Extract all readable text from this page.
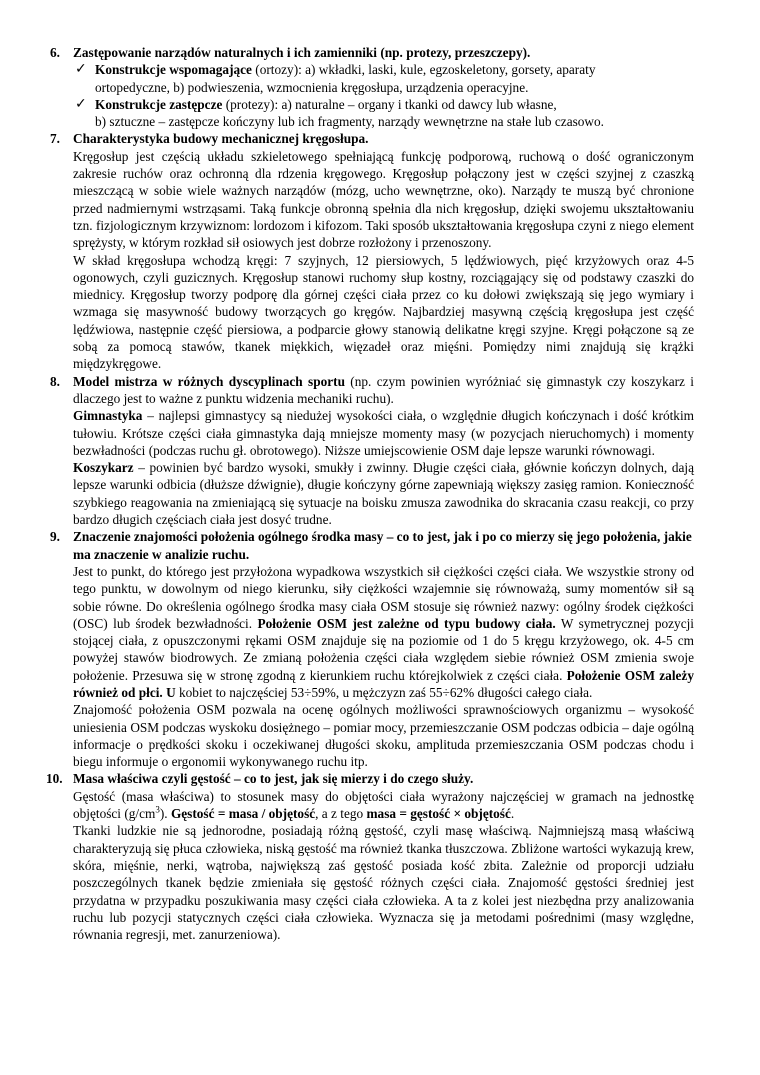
6. Zastępowanie narządów naturalnych i ich zamienniki (np. protezy, przeszczepy).

✓ Konstrukcje wspomagające (ortozy): a) wkładki, laski, kule, egzoskeletony, gorsety, aparaty

ortopedyczne, b) podwieszenia, wzmocnienia kręgosłupa, urządzenia operacyjne.

✓ Konstrukcje zastępcze (protezy): a) naturalne – organy i tkanki od dawcy lub własne,

b) sztuczne – zastępcze kończyny lub ich fragmenty, narządy wewnętrzne na stałe lub czasowo.

7. Charakterystyka budowy mechanicznej kręgosłupa.

Kręgosłup jest częścią układu szkieletowego spełniającą funkcję podporową, ruchową o dość ograniczonym zakresie ruchów oraz ochronną dla rdzenia kręgowego. Kręgosłup połączony jest w części szyjnej z czaszką mieszczącą w sobie wiele ważnych narządów (mózg, ucho wewnętrzne, oko). Narządy te muszą być chronione przed nadmiernymi wstrząsami. Taką funkcje obronną spełnia dla nich kręgosłup, dzięki swojemu ukształtowaniu tzn. fizjologicznym krzywiznom: lordozom i kifozom. Taki sposób ukształtowania kręgosłupa czyni z niego element sprężysty, w którym rozkład sił osiowych jest dobrze rozłożony i przenoszony.

W skład kręgosłupa wchodzą kręgi: 7 szyjnych, 12 piersiowych, 5 lędźwiowych, pięć krzyżowych oraz 4-5 ogonowych, czyli guzicznych. Kręgosłup stanowi ruchomy słup kostny, rozciągający się od podstawy czaszki do miednicy. Kręgosłup tworzy podporę dla górnej części ciała przez co ku dołowi zwiększają się jego wymiary i wzmaga się masywność budowy tworzących go kręgów. Najbardziej masywną częścią kręgosłupa jest część lędźwiowa, następnie część piersiowa, a podparcie głowy stanowią delikatne kręgi szyjne. Kręgi połączone są ze sobą za pomocą stawów, tkanek miękkich, więzadeł oraz mięśni. Pomiędzy nimi znajdują się krążki międzykręgowe.

8. Model mistrza w różnych dyscyplinach sportu (np. czym powinien wyróżniać się gimnastyk czy koszykarz i dlaczego jest to ważne z punktu widzenia mechaniki ruchu).

Gimnastyka – najlepsi gimnastycy są niedużej wysokości ciała, o względnie długich kończynach i dość krótkim tułowiu. Krótsze części ciała gimnastyka dają mniejsze momenty masy (w pozycjach nieruchomych) i momenty bezwładności (podczas ruchu gł. obrotowego). Niższe umiejscowienie OSM daje lepsze warunki równowagi.

Koszykarz – powinien być bardzo wysoki, smukły i zwinny. Długie części ciała, głównie kończyn dolnych, dają lepsze warunki odbicia (dłuższe dźwignie), długie kończyny górne zapewniają większy zasięg ramion. Konieczność szybkiego reagowania na zmieniającą się sytuacje na boisku zmusza zawodnika do skracania czasu reakcji, co przy bardzo długich częściach ciała jest dosyć trudne.

9. Znaczenie znajomości położenia ogólnego środka masy – co to jest, jak i po co mierzy się jego położenia, jakie ma znaczenie w analizie ruchu.

Jest to punkt, do którego jest przyłożona wypadkowa wszystkich sił ciężkości części ciała. We wszystkie strony od tego punktu, w dowolnym od niego kierunku, siły ciężkości wzajemnie się równoważą, sumy momentów sił są sobie równe. Do określenia ogólnego środka masy ciała OSM stosuje się również nazwy: ogólny środek ciężkości (OSC) lub środek bezwładności. Położenie OSM jest zależne od typu budowy ciała. W symetrycznej pozycji stojącej ciała, z opuszczonymi rękami OSM znajduje się na poziomie od 1 do 5 kręgu krzyżowego, ok. 4-5 cm powyżej stawów biodrowych. Ze zmianą położenia części ciała względem siebie również OSM zmienia swoje położenie. Przesuwa się w stronę zgodną z kierunkiem ruchu którejkolwiek z części ciała. Położenie OSM zależy również od płci. U kobiet to najczęściej 53÷59%, u mężczyzn zaś 55÷62% długości całego ciała.

Znajomość położenia OSM pozwala na ocenę ogólnych możliwości sprawnościowych organizmu – wysokość uniesienia OSM podczas wyskoku dosiężnego – pomiar mocy, przemieszczanie OSM podczas odbicia – daje ogólną informacje o prędkości skoku i oczekiwanej długości skoku, amplituda przemieszczania OSM podczas chodu i biegu informuje o ergonomii wykonywanego ruchu itp.

10. Masa właściwa czyli gęstość – co to jest, jak się mierzy i do czego służy.

Gęstość (masa właściwa) to stosunek masy do objętości ciała wyrażony najczęściej w gramach na jednostkę objętości $(g/cm^3)$. Gęstość = masa / objętość, a z tego masa = gęstość × objętość.

Tkanki ludzkie nie są jednorodne, posiadają różną gęstość, czyli masę właściwą. Najmniejszą masą właściwą charakteryzują się płuca człowieka, niską gęstość ma również tkanka tłuszczowa. Zbliżone wartości wykazują krew, skóra, mięśnie, nerki, wątroba, największą zaś gęstość posiada kość zbita. Zależnie od proporcji udziału poszczególnych tkanek będzie zmieniała się gęstość różnych części ciała. Znajomość gęstości średniej jest przydatna w przypadku poszukiwania masy części ciała człowieka. A ta z kolei jest niezbędna przy analizowania ruchu lub pozycji statycznych części ciała człowieka. Wyznacza się ja metodami pośrednimi (masy względne, równania regresji, met. zanurzeniowa).
